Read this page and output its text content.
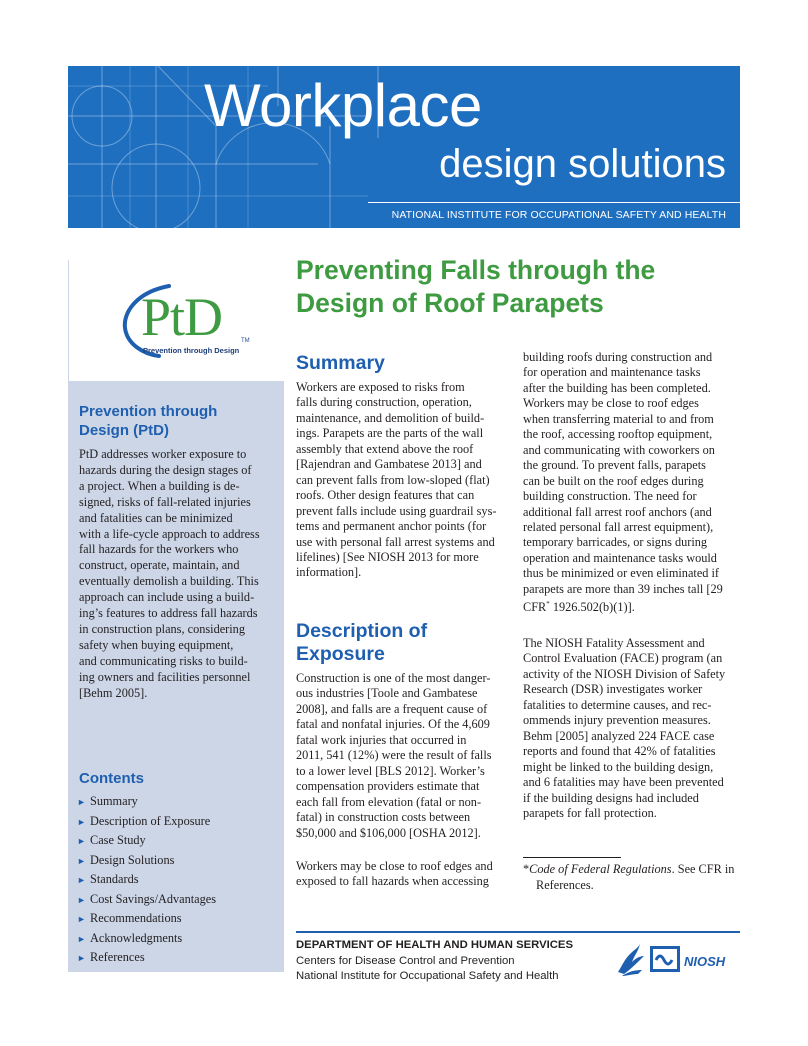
Workplace
design solutions
NATIONAL INSTITUTE FOR OCCUPATIONAL SAFETY AND HEALTH
PtD	TM
Prevention through Design
Prevention through
Design (PtD)
PtD addresses worker exposure to
hazards during the design stages of
a project. When a building is de-
signed, risks of fall-related injuries
and fatalities can be minimized
with a life-cycle approach to address
fall hazards for the workers who
construct, operate, maintain, and
eventually demolish a building. This
approach can include using a build-
ing’s features to address fall hazards
in construction plans, considering
safety when buying equipment,
and communicating risks to build-
ing owners and facilities personnel
[Behm 2005].
Contents
► Summary
► Description of Exposure
► Case Study
► Design Solutions
► Standards
► Cost Savings/Advantages
► Recommendations
► Acknowledgments
► References
Preventing Falls through the
Design of Roof Parapets
Summary
Workers are exposed to risks from
falls during construction, operation,
maintenance, and demolition of build-
ings. Parapets are the parts of the wall
assembly that extend above the roof
[Rajendran and Gambatese 2013] and
can prevent falls from low-sloped (flat)
roofs. Other design features that can
prevent falls include using guardrail sys-
tems and permanent anchor points (for
use with personal fall arrest systems and
lifelines) [See NIOSH 2013 for more
information].
Description of
Exposure
Construction is one of the most danger-
ous industries [Toole and Gambatese
2008], and falls are a frequent cause of
fatal and nonfatal injuries. Of the 4,609
fatal work injuries that occurred in
2011, 541 (12%) were the result of falls
to a lower level [BLS 2012]. Worker’s
compensation providers estimate that
each fall from elevation (fatal or non-
fatal) in construction costs between
$50,000 and $106,000 [OSHA 2012].
Workers may be close to roof edges and
exposed to fall hazards when accessing
building roofs during construction and
for operation and maintenance tasks
after the building has been completed.
Workers may be close to roof edges
when transferring material to and from
the roof, accessing rooftop equipment,
and communicating with coworkers on
the ground. To prevent falls, parapets
can be built on the roof edges during
building construction. The need for
additional fall arrest roof anchors (and
related personal fall arrest equipment),
temporary barricades, or signs during
operation and maintenance tasks would
thus be minimized or even eliminated if
parapets are more than 39 inches tall [29
CFR* 1926.502(b)(1)].
The NIOSH Fatality Assessment and
Control Evaluation (FACE) program (an
activity of the NIOSH Division of Safety
Research (DSR) investigates worker
fatalities to determine causes, and rec-
ommends injury prevention measures.
Behm [2005] analyzed 224 FACE case
reports and found that 42% of fatalities
might be linked to the building design,
and 6 fatalities may have been prevented
if the building designs had included
parapets for fall protection.
*Code of Federal Regulations. See CFR in References.
DEPARTMENT OF HEALTH AND HUMAN SERVICES
Centers for Disease Control and Prevention
National Institute for Occupational Safety and Health
NIOSH
